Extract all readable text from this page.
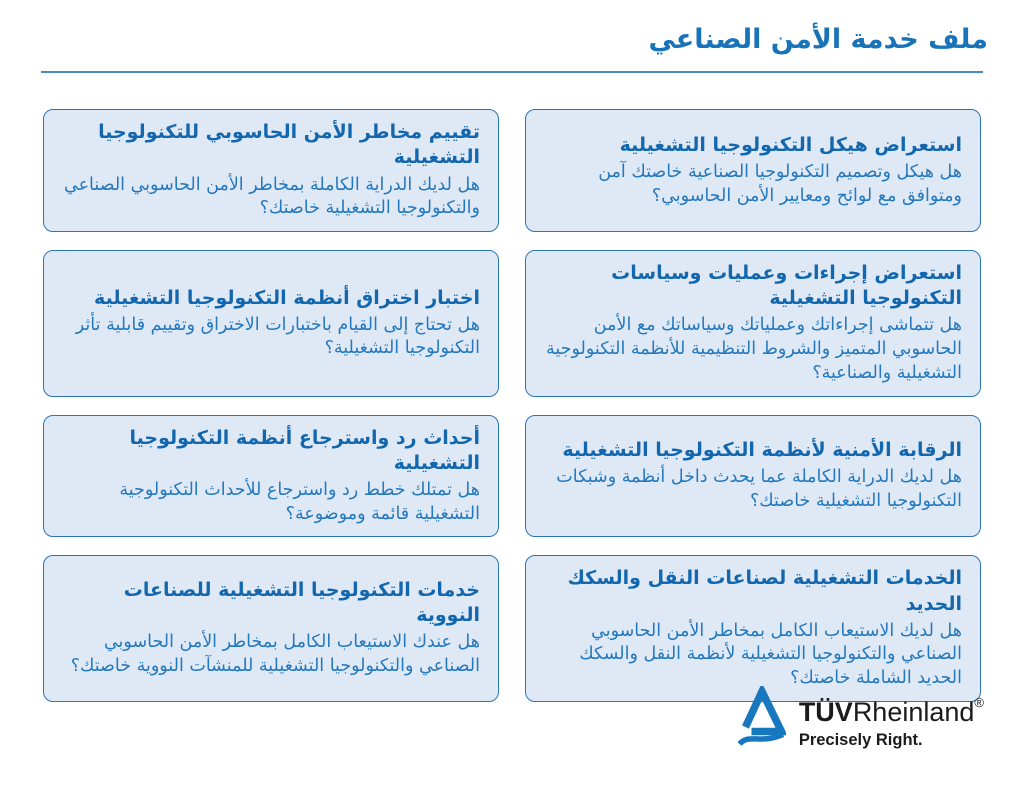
ملف خدمة الأمن الصناعي

استعراض هيكل التكنولوجيا التشغيلية

هل هيكل وتصميم التكنولوجيا الصناعية خاصتك آمن ومتوافق مع لوائح ومعايير الأمن الحاسوبي؟

تقييم مخاطر الأمن الحاسوبي للتكنولوجيا التشغيلية

هل لديك الدراية الكاملة بمخاطر الأمن الحاسوبي الصناعي والتكنولوجيا التشغيلية خاصتك؟

استعراض إجراءات وعمليات وسياسات التكنولوجيا التشغيلية

هل تتماشى إجراءاتك وعملياتك وسياساتك مع الأمن الحاسوبي المتميز والشروط التنظيمية للأنظمة التكنولوجية التشغيلية والصناعية؟

اختبار اختراق أنظمة التكنولوجيا التشغيلية

هل تحتاج إلى القيام باختبارات الاختراق وتقييم قابلية تأثر التكنولوجيا التشغيلية؟

الرقابة الأمنية لأنظمة التكنولوجيا التشغيلية

هل لديك الدراية الكاملة عما يحدث داخل أنظمة وشبكات التكنولوجيا التشغيلية خاصتك؟

أحداث رد واسترجاع أنظمة التكنولوجيا التشغيلية

هل تمتلك خطط رد واسترجاع للأحداث التكنولوجية التشغيلية قائمة وموضوعة؟

الخدمات التشغيلية لصناعات النقل والسكك الحديد

هل لديك الاستيعاب الكامل بمخاطر الأمن الحاسوبي الصناعي والتكنولوجيا التشغيلية لأنظمة النقل والسكك الحديد الشاملة خاصتك؟

خدمات التكنولوجيا التشغيلية للصناعات النووية

هل عندك الاستيعاب الكامل بمخاطر الأمن الحاسوبي الصناعي والتكنولوجيا التشغيلية للمنشآت النووية خاصتك؟

TÜVRheinland®
Precisely Right.
